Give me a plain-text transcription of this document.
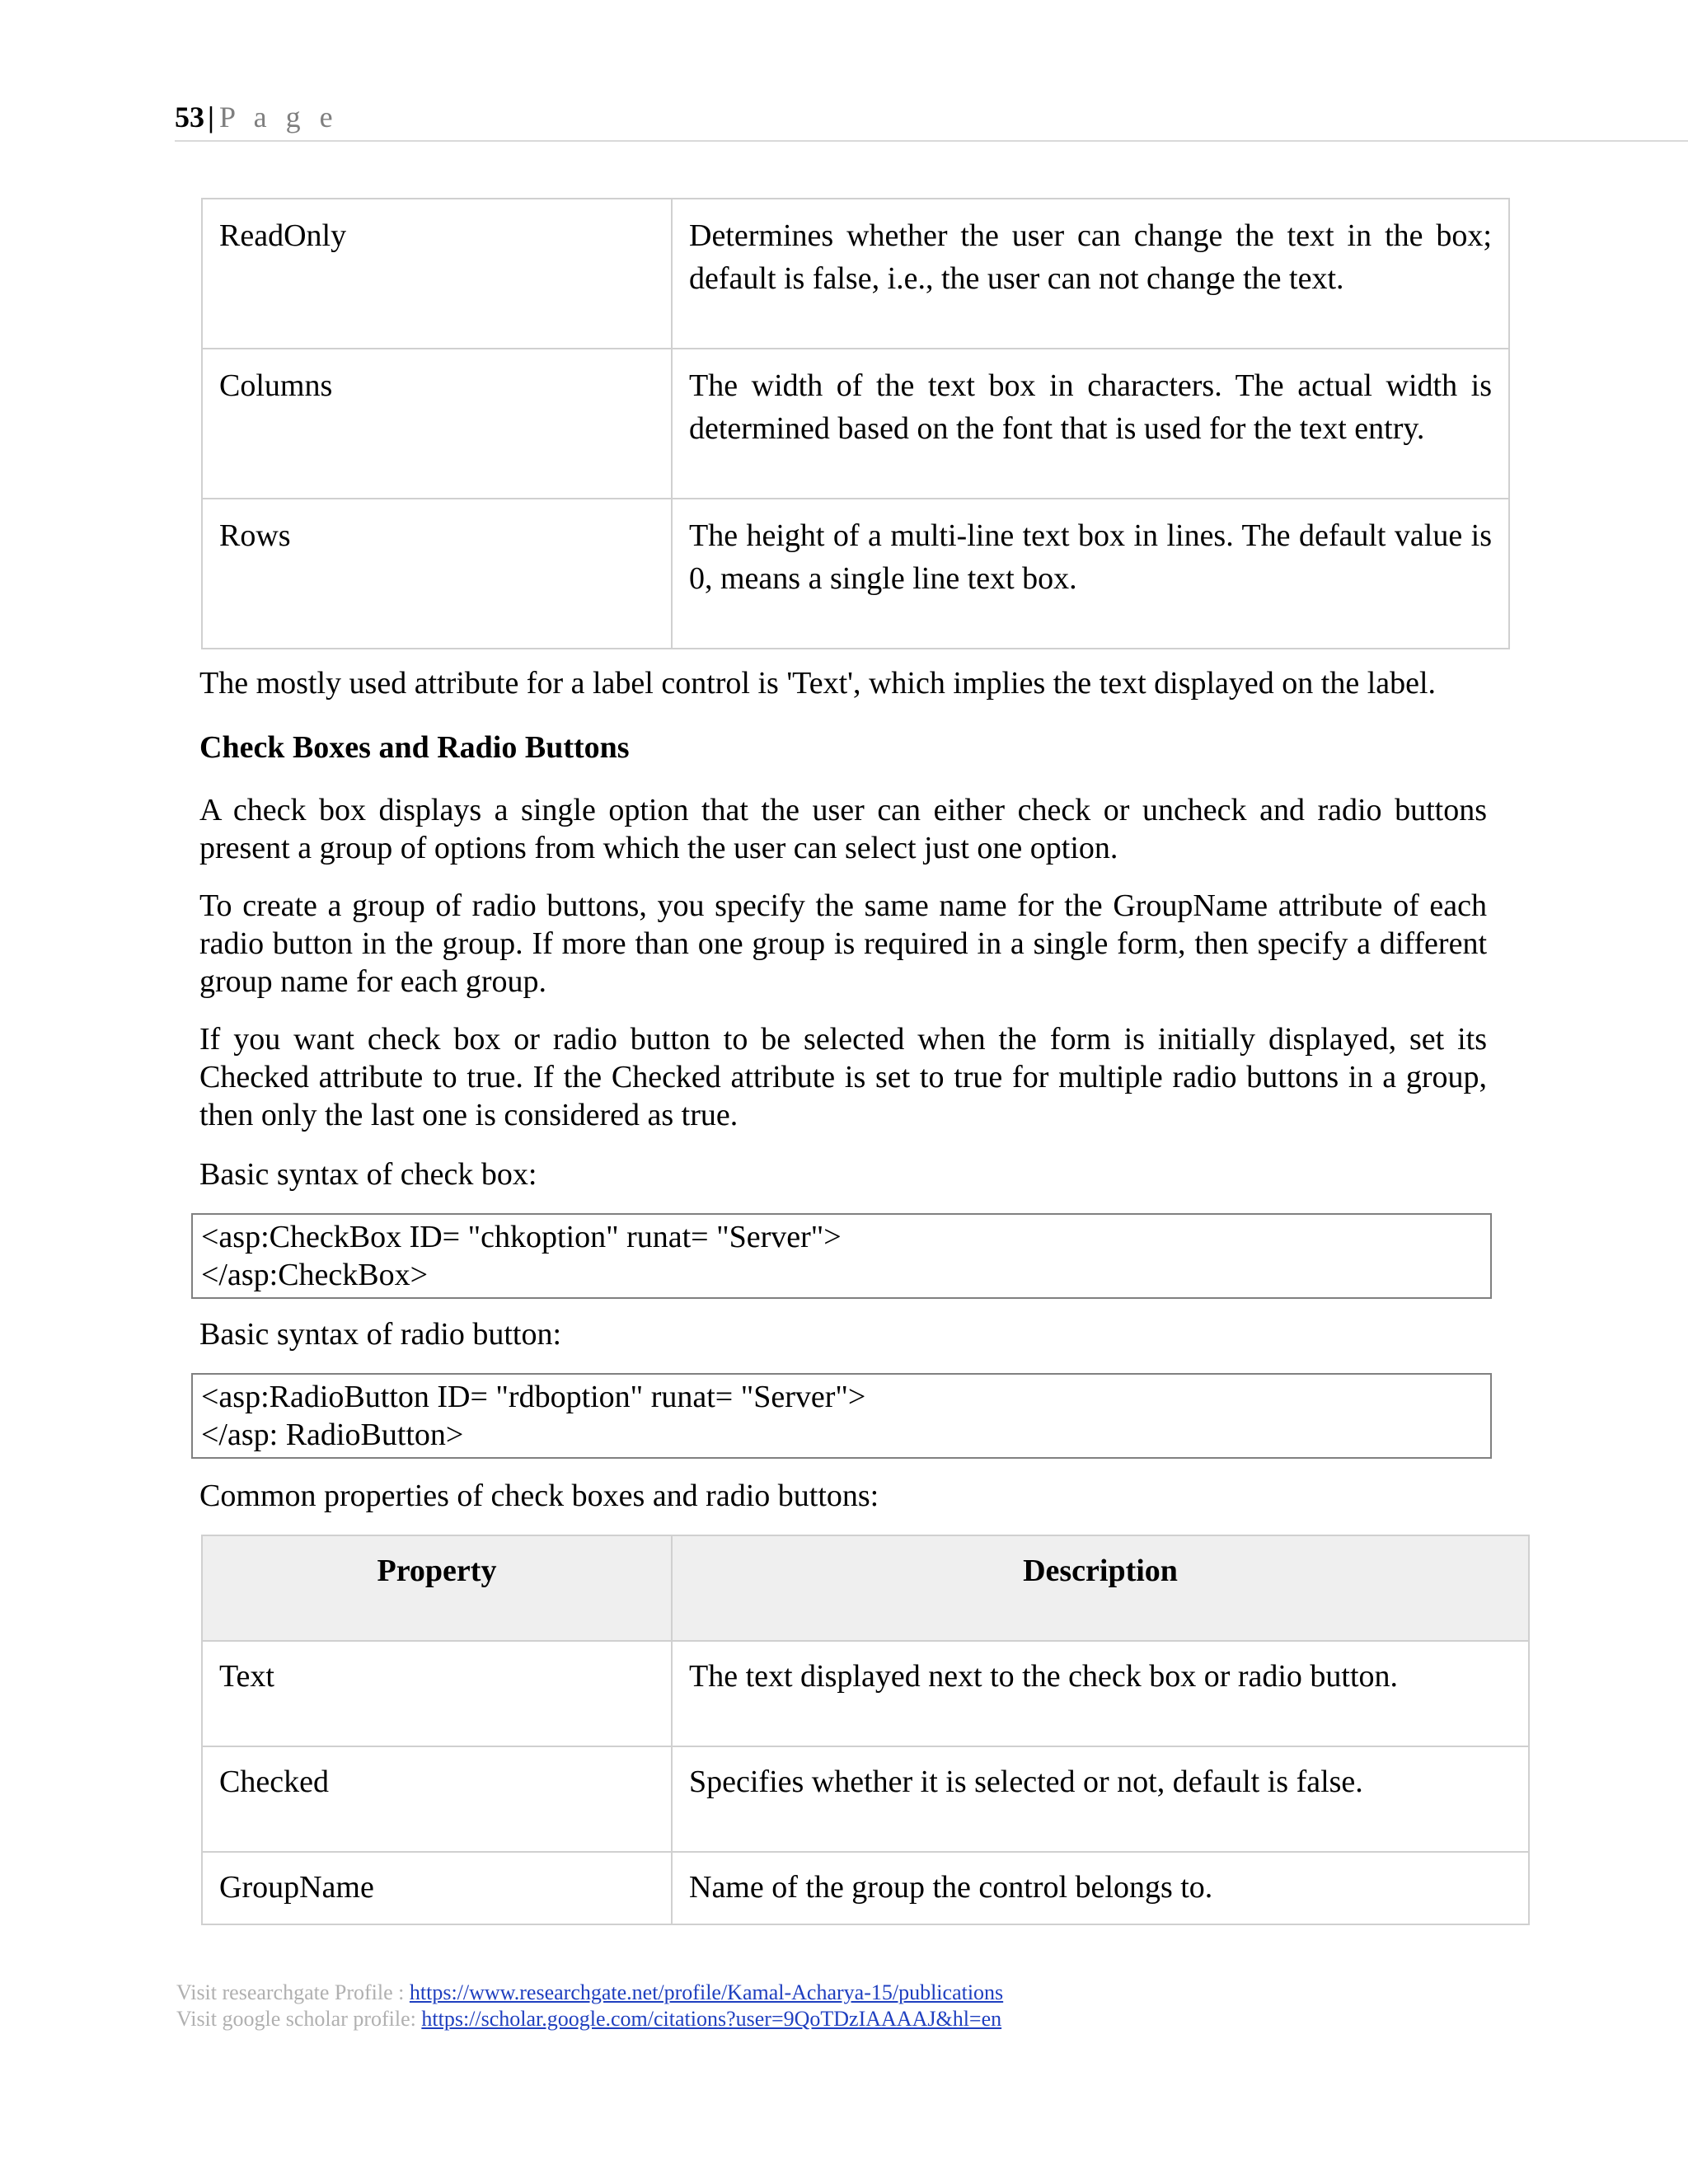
53 | P a g e
ReadOnly	Determines whether the user can change the text in the box; default is false, i.e., the user can not change the text.
Columns	The width of the text box in characters. The actual width is determined based on the font that is used for the text entry.
Rows	The height of a multi-line text box in lines. The default value is 0, means a single line text box.

The mostly used attribute for a label control is 'Text', which implies the text displayed on the label.

Check Boxes and Radio Buttons

A check box displays a single option that the user can either check or uncheck and radio buttons present a group of options from which the user can select just one option.

To create a group of radio buttons, you specify the same name for the GroupName attribute of each radio button in the group. If more than one group is required in a single form, then specify a different group name for each group.

If you want check box or radio button to be selected when the form is initially displayed, set its Checked attribute to true. If the Checked attribute is set to true for multiple radio buttons in a group, then only the last one is considered as true.

Basic syntax of check box:

<asp:CheckBox ID= "chkoption" runat= "Server">
</asp:CheckBox>

Basic syntax of radio button:

<asp:RadioButton ID= "rdboption" runat= "Server">
</asp: RadioButton>

Common properties of check boxes and radio buttons:

Property	Description
Text	The text displayed next to the check box or radio button.
Checked	Specifies whether it is selected or not, default is false.
GroupName	Name of the group the control belongs to.
Visit researchgate Profile : https://www.researchgate.net/profile/Kamal-Acharya-15/publications
Visit google scholar profile: https://scholar.google.com/citations?user=9QoTDzIAAAAJ&hl=en
